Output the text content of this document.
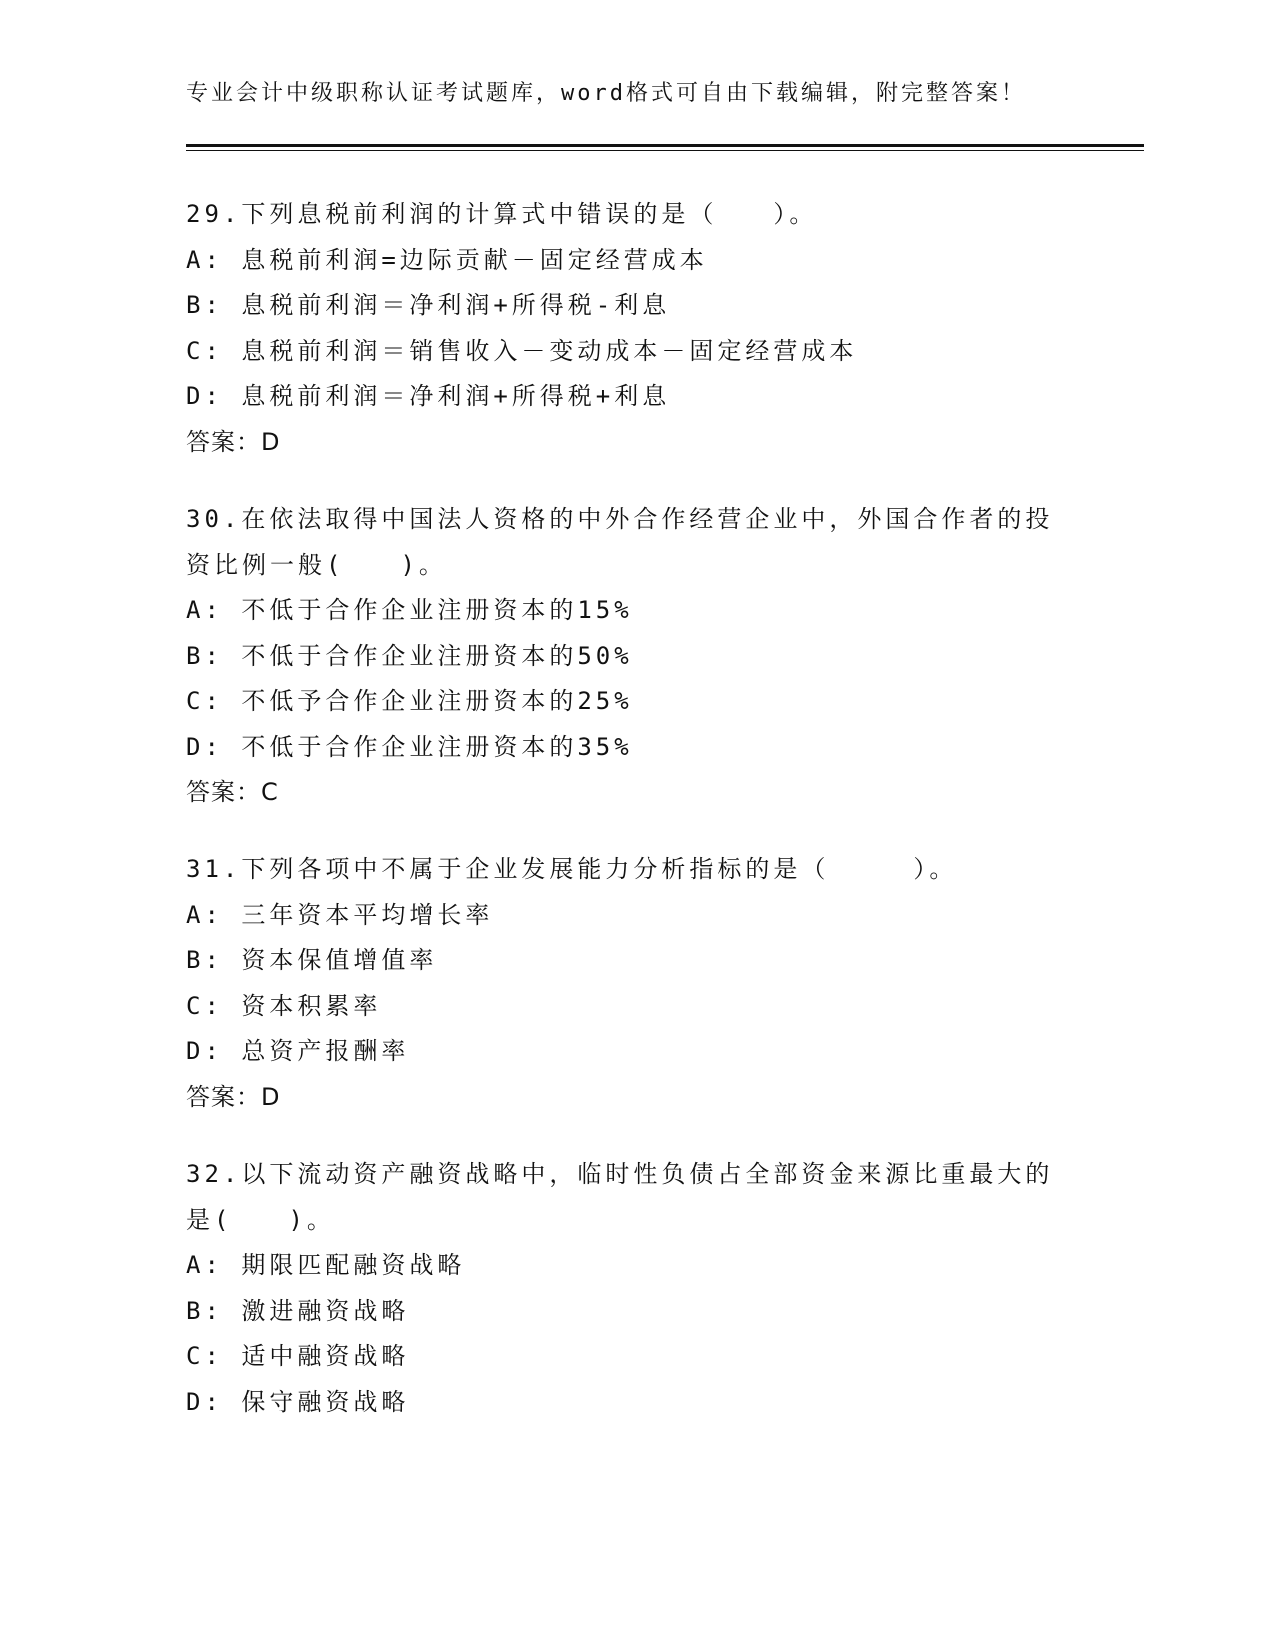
专业会计中级职称认证考试题库，word格式可自由下载编辑，附完整答案！
29.下列息税前利润的计算式中错误的是（　　）。
A: 息税前利润=边际贡献－固定经营成本
B: 息税前利润＝净利润+所得税-利息
C: 息税前利润＝销售收入－变动成本－固定经营成本
D: 息税前利润＝净利润+所得税+利息
答案：D
30.在依法取得中国法人资格的中外合作经营企业中，外国合作者的投
资比例一般(　　)。
A: 不低于合作企业注册资本的15%
B: 不低于合作企业注册资本的50%
C: 不低予合作企业注册资本的25%
D: 不低于合作企业注册资本的35%
答案：C
31.下列各项中不属于企业发展能力分析指标的是（　　　）。
A: 三年资本平均增长率
B: 资本保值增值率
C: 资本积累率
D: 总资产报酬率
答案：D
32.以下流动资产融资战略中，临时性负债占全部资金来源比重最大的
是(　　)。
A: 期限匹配融资战略
B: 激进融资战略
C: 适中融资战略
D: 保守融资战略
